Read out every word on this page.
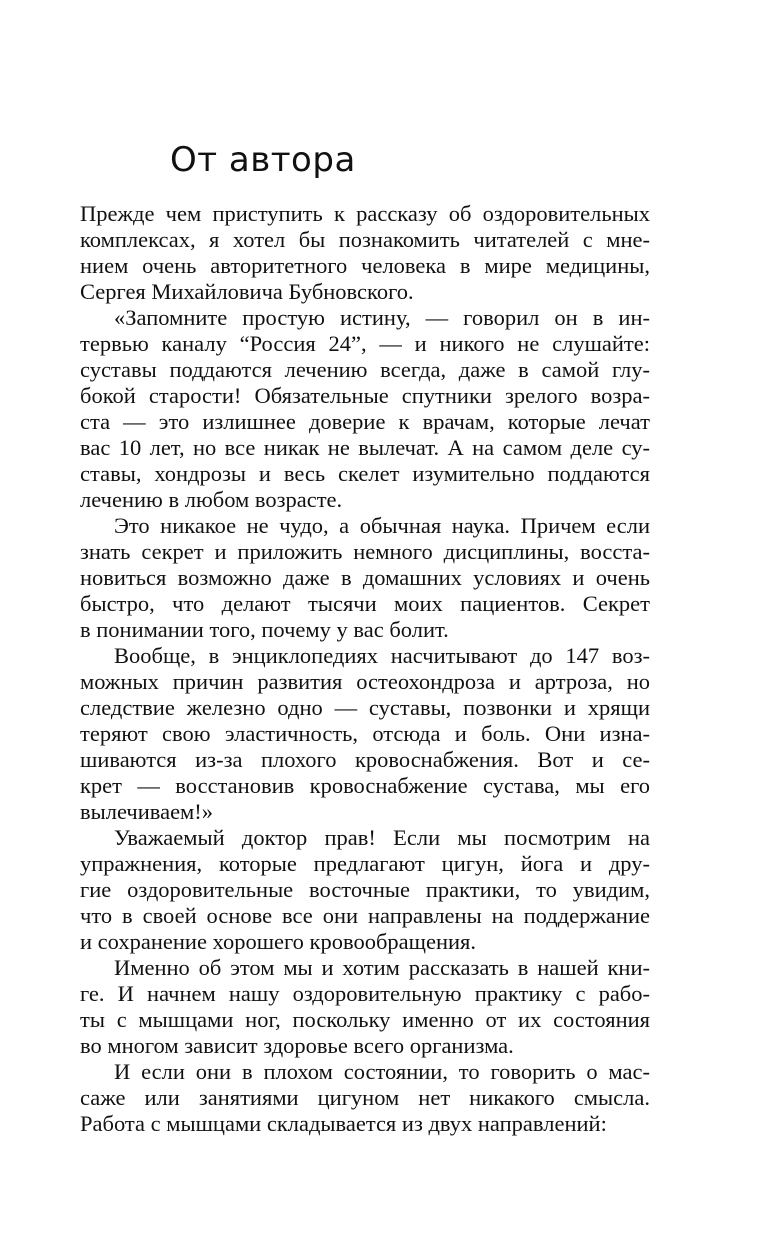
От автора
Прежде чем приступить к рассказу об оздоровительных
комплексах, я хотел бы познакомить читателей с мне-
нием очень авторитетного человека в мире медицины,
Сергея Михайловича Бубновского.
«Запомните простую истину, — говорил он в ин-
тервью каналу “Россия 24”, — и никого не слушайте:
суставы поддаются лечению всегда, даже в самой глу-
бокой старости! Обязательные спутники зрелого возра-
ста — это излишнее доверие к врачам, которые лечат
вас 10 лет, но все никак не вылечат. А на самом деле су-
ставы, хондрозы и весь скелет изумительно поддаются
лечению в любом возрасте.
Это никакое не чудо, а обычная наука. Причем если
знать секрет и приложить немного дисциплины, восста-
новиться возможно даже в домашних условиях и очень
быстро, что делают тысячи моих пациентов. Секрет
в понимании того, почему у вас болит.
Вообще, в энциклопедиях насчитывают до 147 воз-
можных причин развития остеохондроза и артроза, но
следствие железно одно — суставы, позвонки и хрящи
теряют свою эластичность, отсюда и боль. Они изна-
шиваются из-за плохого кровоснабжения. Вот и се-
крет — восстановив кровоснабжение сустава, мы его
вылечиваем!»
Уважаемый доктор прав! Если мы посмотрим на
упражнения, которые предлагают цигун, йога и дру-
гие оздоровительные восточные практики, то увидим,
что в своей основе все они направлены на поддержание
и сохранение хорошего кровообращения.
Именно об этом мы и хотим рассказать в нашей кни-
ге. И начнем нашу оздоровительную практику с рабо-
ты с мышцами ног, поскольку именно от их состояния
во многом зависит здоровье всего организма.
И если они в плохом состоянии, то говорить о мас-
саже или занятиями цигуном нет никакого смысла.
Работа с мышцами складывается из двух направлений:
